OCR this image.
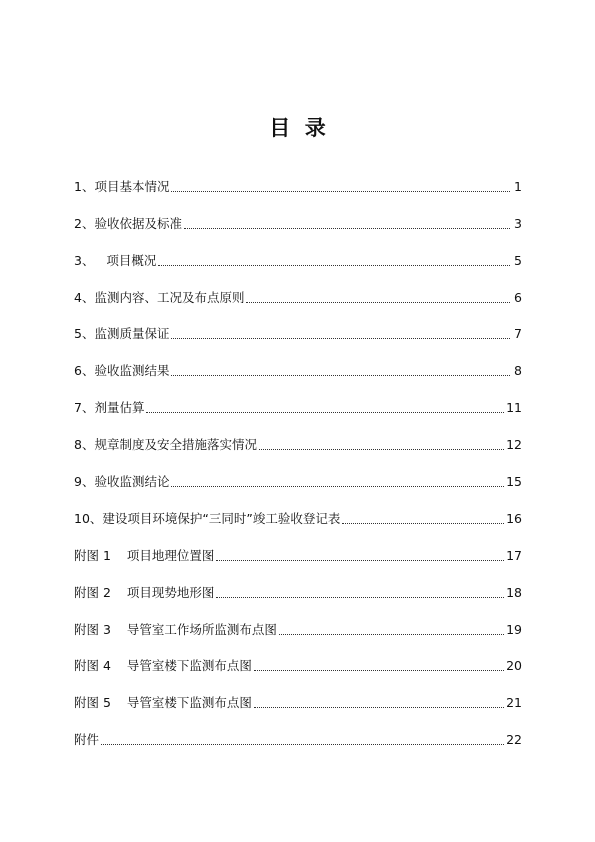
目  录
1、项目基本情况	1
2、验收依据及标准	3
3、   项目概况	5
4、监测内容、工况及布点原则	6
5、监测质量保证	7
6、验收监测结果	8
7、剂量估算	11
8、规章制度及安全措施落实情况	12
9、验收监测结论	15
10、建设项目环境保护“三同时”竣工验收登记表	16
附图 1    项目地理位置图	17
附图 2    项目现势地形图	18
附图 3    导管室工作场所监测布点图	19
附图 4    导管室楼下监测布点图	20
附图 5    导管室楼下监测布点图	21
附件	22
